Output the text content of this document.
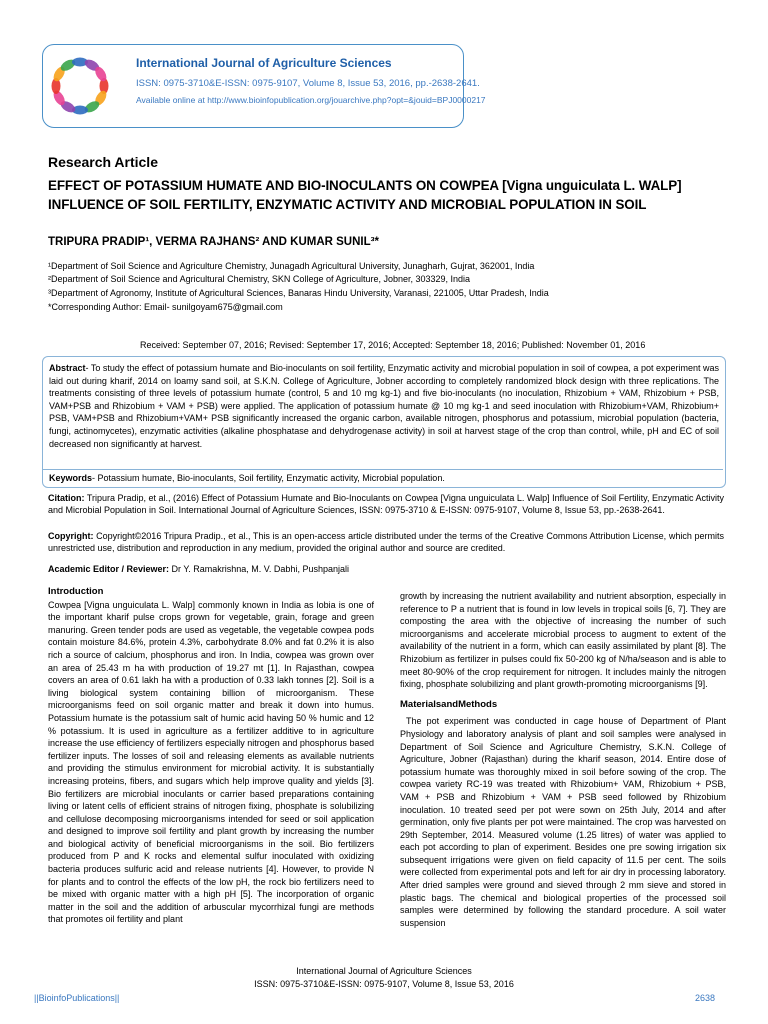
International Journal of Agriculture Sciences
ISSN: 0975-3710&E-ISSN: 0975-9107, Volume 8, Issue 53, 2016, pp.-2638-2641.
Available online at http://www.bioinfopublication.org/jouarchive.php?opt=&jouid=BPJ0000217
Research Article
EFFECT OF POTASSIUM HUMATE AND BIO-INOCULANTS ON COWPEA [Vigna unguiculata L. WALP]
INFLUENCE OF SOIL FERTILITY, ENZYMATIC ACTIVITY AND MICROBIAL POPULATION IN SOIL
TRIPURA PRADIP¹, VERMA RAJHANS² AND KUMAR SUNIL³*
¹Department of Soil Science and Agriculture Chemistry, Junagadh Agricultural University, Junagharh, Gujrat, 362001, India
²Department of Soil Science and Agricultural Chemistry, SKN College of Agriculture, Jobner, 303329, India
³Department of Agronomy, Institute of Agricultural Sciences, Banaras Hindu University, Varanasi, 221005, Uttar Pradesh, India
*Corresponding Author: Email- sunilgoyam675@gmail.com
Received: September 07, 2016; Revised: September 17, 2016; Accepted: September 18, 2016; Published: November 01, 2016
Abstract- To study the effect of potassium humate and Bio-inoculants on soil fertility, Enzymatic activity and microbial population in soil of cowpea, a pot experiment was laid out during kharif, 2014 on loamy sand soil, at S.K.N. College of Agriculture, Jobner according to completely randomized block design with three replications. The treatments consisting of three levels of potassium humate (control, 5 and 10 mg kg-1) and five bio-inoculants (no inoculation, Rhizobium + VAM, Rhizobium + PSB, VAM+PSB and Rhizobium + VAM + PSB) were applied. The application of potassium humate @ 10 mg kg-1 and seed inoculation with Rhizobium+VAM, Rhizobium+ PSB, VAM+PSB and Rhizobium+VAM+ PSB significantly increased the organic carbon, available nitrogen, phosphorus and potassium, microbial population (bacteria, fungi, actinomycetes), enzymatic activities (alkaline phosphatase and dehydrogenase activity) in soil at harvest stage of the crop than control, while, pH and EC of soil decreased non significantly at harvest.
Keywords- Potassium humate, Bio-inoculants, Soil fertility, Enzymatic activity, Microbial population.
Citation: Tripura Pradip, et al., (2016) Effect of Potassium Humate and Bio-Inoculants on Cowpea [Vigna unguiculata L. Walp] Influence of Soil Fertility, Enzymatic Activity and Microbial Population in Soil. International Journal of Agriculture Sciences, ISSN: 0975-3710 & E-ISSN: 0975-9107, Volume 8, Issue 53, pp.-2638-2641.
Copyright: Copyright©2016 Tripura Pradip., et al., This is an open-access article distributed under the terms of the Creative Commons Attribution License, which permits unrestricted use, distribution and reproduction in any medium, provided the original author and source are credited.
Academic Editor / Reviewer: Dr Y. Ramakrishna, M. V. Dabhi, Pushpanjali
Introduction

Cowpea [Vigna unguiculata L. Walp] commonly known in India as lobia is one of the important kharif pulse crops grown for vegetable, grain, forage and green manuring. Green tender pods are used as vegetable, the vegetable cowpea pods contain moisture 84.6%, protein 4.3%, carbohydrate 8.0% and fat 0.2% it is also rich a source of calcium, phosphorus and iron. In India, cowpea was grown over an area of 25.43 m ha with production of 19.27 mt [1]. In Rajasthan, cowpea covers an area of 0.61 lakh ha with a production of 0.33 lakh tonnes [2]. Soil is a living biological system containing billion of microorganism. These microorganisms feed on soil organic matter and break it down into humus. Potassium humate is the potassium salt of humic acid having 50 % humic and 12 % potassium. It is used in agriculture as a fertilizer additive to in agriculture increase the use efficiency of fertilizers especially nitrogen and phosphorus based fertilizer inputs. The losses of soil and releasing elements as available nutrients and providing the stimulus environment for microbial activity. It is substantially increasing proteins, fibers, and sugars which help improve quality and yields [3]. Bio fertilizers are microbial inoculants or carrier based preparations containing living or latent cells of efficient strains of nitrogen fixing, phosphate is solubilizing and cellulose decomposing microorganisms intended for seed or soil application and designed to improve soil fertility and plant growth by increasing the number and biological activity of beneficial microorganisms in the soil. Bio fertilizers produced from P and K rocks and elemental sulfur inoculated with oxidizing bacteria produces sulfuric acid and release nutrients [4]. However, to provide N for plants and to control the effects of the low pH, the rock bio fertilizers need to be mixed with organic matter with a high pH [5]. The incorporation of organic matter in the soil and the addition of arbuscular mycorrhizal fungi are methods that promotes oil fertility and plant

growth by increasing the nutrient availability and nutrient absorption, especially in reference to P a nutrient that is found in low levels in tropical soils [6, 7]. They are composting the area with the objective of increasing the number of such microorganisms and accelerate microbial process to augment to extent of the availability of the nutrient in a form, which can easily assimilated by plant [8]. The Rhizobium as fertilizer in pulses could fix 50-200 kg of N/ha/season and is able to meet 80-90% of the crop requirement for nitrogen. It includes mainly the nitrogen fixing, phosphate solubilizing and plant growth-promoting microorganisms [9].

MaterialsandMethods

The pot experiment was conducted in cage house of Department of Plant Physiology and laboratory analysis of plant and soil samples were analysed in Department of Soil Science and Agriculture Chemistry, S.K.N. College of Agriculture, Jobner (Rajasthan) during the kharif season, 2014. Entire dose of potassium humate was thoroughly mixed in soil before sowing of the crop. The cowpea variety RC-19 was treated with Rhizobium+ VAM, Rhizobium + PSB, VAM + PSB and Rhizobium + VAM + PSB seed followed by Rhizobium inoculation. 10 treated seed per pot were sown on 25th July, 2014 and after germination, only five plants per pot were maintained. The crop was harvested on 29th September, 2014. Measured volume (1.25 litres) of water was applied to each pot according to plan of experiment. Besides one pre sowing irrigation six subsequent irrigations were given on field capacity of 11.5 per cent. The soils were collected from experimental pots and left for air dry in processing laboratory. After dried samples were ground and sieved through 2 mm sieve and stored in plastic bags. The chemical and biological properties of the processed soil samples were determined by following the standard procedure. A soil water suspension

International Journal of Agriculture Sciences
ISSN: 0975-3710&E-ISSN: 0975-9107, Volume 8, Issue 53, 2016
||BioinfoPublications||	2638
